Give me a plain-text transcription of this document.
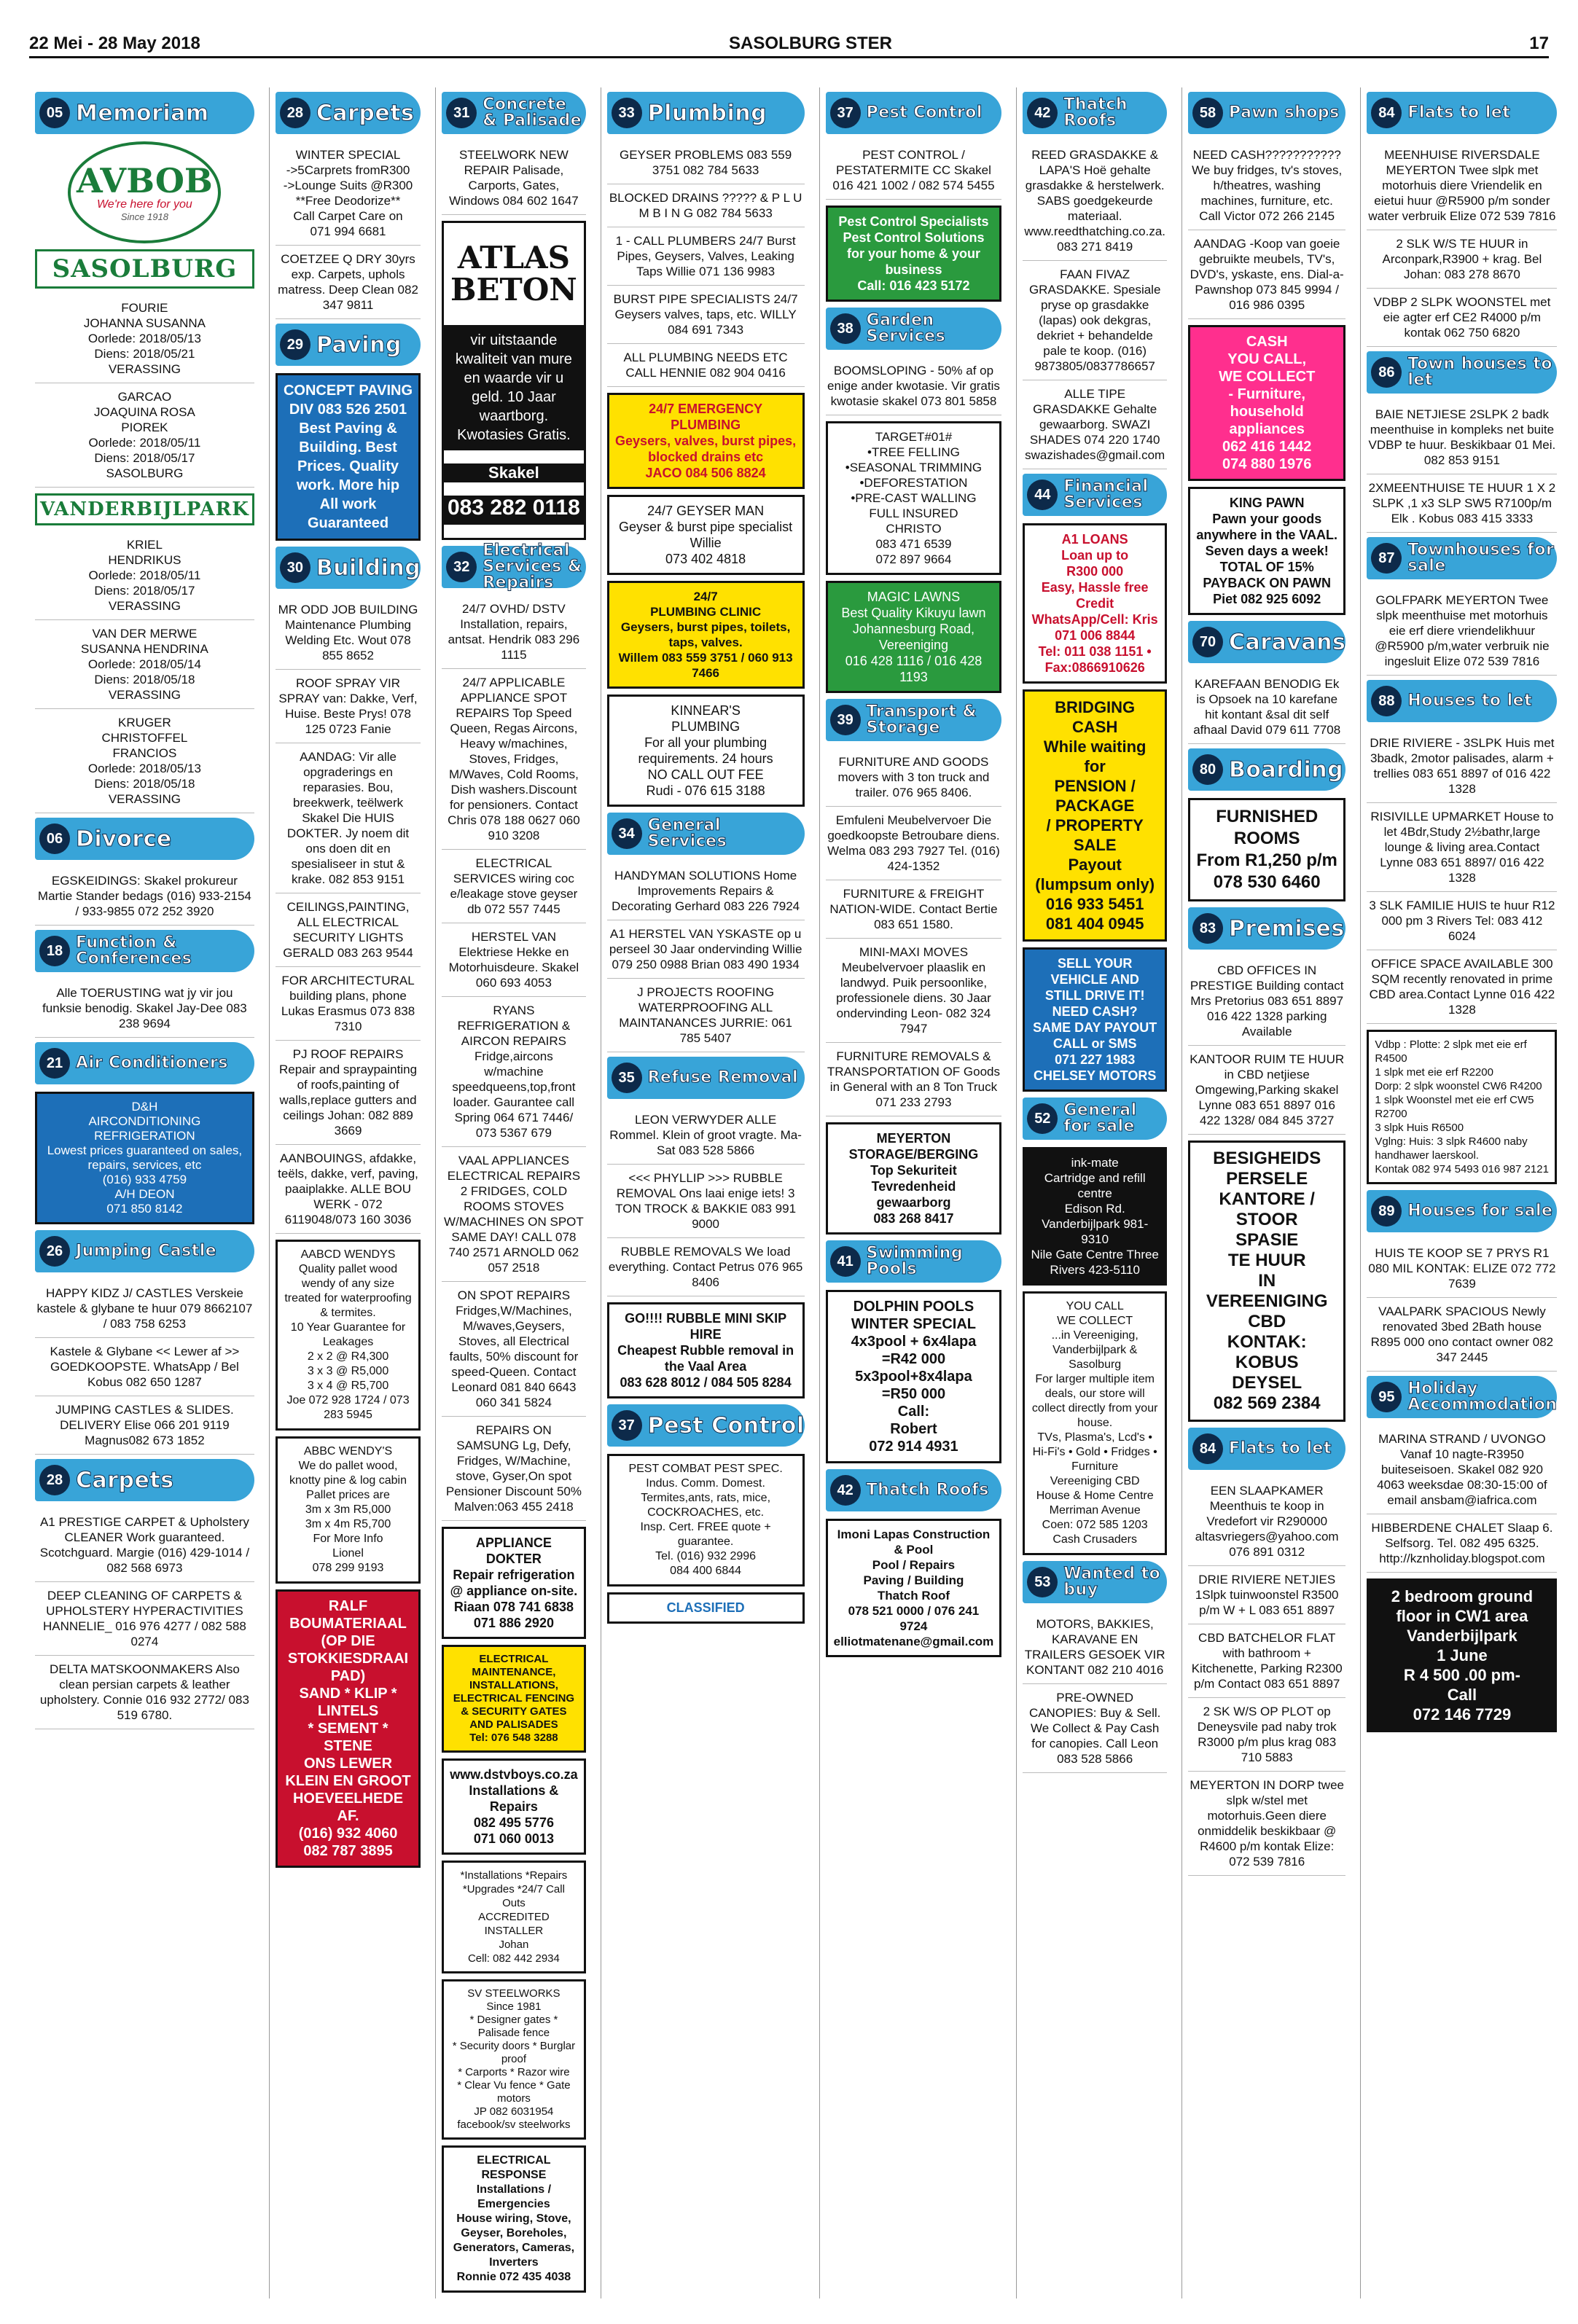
22 Mei - 28 May 2018	SASOLBURG STER	17
05 Memoriam
AVBOB
We're here for you
Since 1918
SASOLBURG
FOURIE
JOHANNA SUSANNA
Oorlede: 2018/05/13
Diens: 2018/05/21
VERASSING
GARCAO
JOAQUINA ROSA
PIOREK
Oorlede: 2018/05/11
Diens: 2018/05/17
SASOLBURG
VANDERBIJLPARK
KRIEL
HENDRIKUS
Oorlede: 2018/05/11
Diens: 2018/05/17
VERASSING
VAN DER MERWE
SUSANNA HENDRINA
Oorlede: 2018/05/14
Diens: 2018/05/18
VERASSING
KRUGER
CHRISTOFFEL
FRANCIOS
Oorlede: 2018/05/13
Diens: 2018/05/18
VERASSING
06 Divorce
EGSKEIDINGS: Skakel prokureur Martie Stander bedags (016) 933-2154 / 933-9855 072 252 3920
18 Function & Conferences
Alle TOERUSTING wat jy vir jou funksie benodig. Skakel Jay-Dee 083 238 9694
21 Air Conditioners
D&H
AIRCONDITIONING
REFRIGERATION
Lowest prices guaranteed on sales, repairs, services, etc
(016) 933 4759
A/H DEON
071 850 8142
26 Jumping Castle
HAPPY KIDZ J/ CASTLES Verskeie kastele & glybane te huur 079 8662107 / 083 758 6253
Kastele & Glybane << Lewer af >> GOEDKOOPSTE. WhatsApp / Bel Kobus 082 650 1287
JUMPING CASTLES & SLIDES. DELIVERY Elise 066 201 9119 Magnus082 673 1852
28 Carpets
A1 PRESTIGE CARPET & Upholstery CLEANER Work guaranteed. Scotchguard. Margie (016) 429-1014 / 082 568 6973
DEEP CLEANING OF CARPETS & UPHOLSTERY HYPERACTIVITIES HANNELIE_ 016 976 4277 / 082 588 0274
DELTA MATSKOONMAKERS Also clean persian carpets & leather upholstery. Connie 016 932 2772/ 083 519 6780.
28 Carpets
WINTER SPECIAL
->5Carprets fromR300
->Lounge Suits @R300
**Free Deodorize**
Call Carpet Care on
071 994 6681
COETZEE Q DRY 30yrs exp. Carpets, uphols matress. Deep Clean 082 347 9811
29 Paving
CONCEPT PAVING
DIV 083 526 2501
Best Paving & Building. Best Prices. Quality work. More hip
All work Guaranteed
30 Building
MR ODD JOB BUILDING Maintenance Plumbing Welding Etc. Wout 078 855 8652
ROOF SPRAY VIR SPRAY van: Dakke, Verf, Huise. Beste Prys! 078 125 0723 Fanie
AANDAG: Vir alle opgraderings en reparasies. Bou, breekwerk, teëlwerk Skakel Die HUIS DOKTER. Jy noem dit ons doen dit en spesialiseer in stut & krake. 082 853 9151
CEILINGS,PAINTING, ALL ELECTRICAL SECURITY LIGHTS GERALD 083 263 9544
FOR ARCHITECTURAL building plans, phone Lukas Erasmus 073 838 7310
PJ ROOF REPAIRS Repair and spraypainting of roofs,painting of walls,replace gutters and ceilings Johan: 082 889 3669
AANBOUINGS, afdakke, teëls, dakke, verf, paving, paaiplakke. ALLE BOU WERK - 072 6119048/073 160 3036
AABCD WENDYS
Quality pallet wood wendy of any size treated for waterproofing & termites.
10 Year Guarantee for Leakages
2 x 2 @ R4,300
3 x 3 @ R5,000
3 x 4 @ R5,700
Joe 072 928 1724 / 073 283 5945
ABBC WENDY'S
We do pallet wood, knotty pine & log cabin
Pallet prices are
3m x 3m R5,000
3m x 4m R5,700
For More Info
Lionel
078 299 9193
RALF
BOUMATERIAAL
(OP DIE STOKKIESDRAAI PAD)
SAND * KLIP * LINTELS
* SEMENT * STENE
ONS LEWER KLEIN EN GROOT HOEVEELHEDE AF.
(016) 932 4060
082 787 3895
31 Concrete & Palisade
STEELWORK NEW REPAIR Palisade, Carports, Gates, Windows 084 602 1647

ATLAS
BETON

vir uitstaande kwaliteit van mure en waarde vir u geld. 10 Jaar waartborg. Kwotasies Gratis.

Skakel

083 282 0118

32
Electrical Services & Repairs
24/7 OVHD/ DSTV Installation, repairs, antsat. Hendrik 083 296 1115
24/7 APPLICABLE APPLIANCE SPOT REPAIRS Top Speed Queen, Regas Aircons, Heavy w/machines, Stoves, Fridges, M/Waves, Cold Rooms, Dish washers.Discount for pensioners. Contact Chris 078 188 0627 060 910 3208
ELECTRICAL SERVICES wiring coc e/leakage stove geyser db 072 557 7445
HERSTEL VAN Elektriese Hekke en Motorhuisdeure. Skakel 060 693 4053
RYANS REFRIGERATION & AIRCON REPAIRS Fridge,aircons w/machine speedqueens,top,front loader. Gaurantee call Spring 064 671 7446/ 073 5367 679
VAAL APPLIANCES ELECTRICAL REPAIRS 2 FRIDGES, COLD ROOMS STOVES W/MACHINES ON SPOT SAME DAY! CALL 078 740 2571 ARNOLD 062 057 2518
ON SPOT REPAIRS Fridges,W/Machines, M/waves,Geysers, Stoves, all Electrical faults, 50% discount for speed-Queen. Contact Leonard 081 840 6643 060 341 5824
REPAIRS ON SAMSUNG Lg, Defy, Fridges, W/Machine, stove, Gyser,On spot Pensioner Discount 50% Malven:063 455 2418
APPLIANCE
DOKTER
Repair refrigeration @ appliance on-site.
Riaan 078 741 6838
071 886 2920
ELECTRICAL MAINTENANCE, INSTALLATIONS, ELECTRICAL FENCING & SECURITY GATES AND PALISADES
Tel: 076 548 3288
www.dstvboys.co.za
Installations & Repairs
082 495 5776
071 060 0013
*Installations *Repairs *Upgrades *24/7 Call Outs
ACCREDITED INSTALLER
Johan
Cell: 082 442 2934
SV STEELWORKS
Since 1981
* Designer gates * Palisade fence
* Security doors * Burglar proof
* Carports * Razor wire
* Clear Vu fence * Gate motors
JP 082 6031954
facebook/sv steelworks
ELECTRICAL RESPONSE
Installations / Emergencies
House wiring, Stove, Geyser, Boreholes, Generators, Cameras, Inverters
Ronnie 072 435 4038
33 Plumbing
GEYSER PROBLEMS 083 559 3751 082 784 5633
BLOCKED DRAINS ????? & P L U M B I N G 082 784 5633
1 - CALL PLUMBERS 24/7 Burst Pipes, Geysers, Valves, Leaking Taps Willie 071 136 9983
BURST PIPE SPECIALISTS 24/7 Geysers valves, taps, etc. WILLY 084 691 7343
ALL PLUMBING NEEDS ETC CALL HENNIE 082 904 0416
24/7 EMERGENCY
PLUMBING
Geysers, valves, burst pipes, blocked drains etc
JACO 084 506 8824
24/7 GEYSER MAN
Geyser & burst pipe specialist
Willie
073 402 4818
24/7
PLUMBING CLINIC
Geysers, burst pipes, toilets, taps, valves.
Willem 083 559 3751 / 060 913 7466
KINNEAR'S
PLUMBING
For all your plumbing requirements. 24 hours
NO CALL OUT FEE
Rudi - 076 615 3188
34 General Services
HANDYMAN SOLUTIONS Home Improvements Repairs & Decorating Gerhard 083 226 7924
A1 HERSTEL VAN YSKASTE op u perseel 30 Jaar ondervinding Willie 079 250 0988 Brian 083 490 1934
J PROJECTS ROOFING WATERPROOFING ALL MAINTANANCES JURRIE: 061 785 5407
35 Refuse Removal
LEON VERWYDER ALLE Rommel. Klein of groot vragte. Ma-Sat 083 528 5866
<<< PHYLLIP >>> RUBBLE REMOVAL Ons laai enige iets! 3 TON TROCK & BAKKIE 083 991 9000
RUBBLE REMOVALS We load everything. Contact Petrus 076 965 8406
GO!!!! RUBBLE MINI SKIP HIRE
Cheapest Rubble removal in the Vaal Area
083 628 8012 / 084 505 8284
37 Pest Control
PEST COMBAT PEST SPEC.
Indus. Comm. Domest.
Termites,ants, rats, mice, COCKROACHES, etc.
Insp. Cert. FREE quote + guarantee.
Tel. (016) 932 2996
084 400 6844
CLASSIFIED
37 Pest Control
PEST CONTROL / PESTATERMITE CC Skakel 016 421 1002 / 082 574 5455
Pest Control Specialists
Pest Control Solutions for your home & your business
Call: 016 423 5172
38 Garden Services
BOOMSLOPING - 50% af op enige ander kwotasie. Vir gratis kwotasie skakel 073 801 5858
TARGET#01#
•TREE FELLING
•SEASONAL TRIMMING
•DEFORESTATION
•PRE-CAST WALLING
FULL INSURED
CHRISTO
083 471 6539
072 897 9664
MAGIC LAWNS
Best Quality Kikuyu lawn Johannesburg Road, Vereeniging
016 428 1116 / 016 428 1193
39 Transport & Storage
FURNITURE AND GOODS movers with 3 ton truck and trailer. 076 965 8406.
Emfuleni Meubelvervoer Die goedkoopste Betroubare diens. Welma 083 293 7927 Tel. (016) 424-1352
FURNITURE & FREIGHT NATION-WIDE. Contact Bertie 083 651 1580.
MINI-MAXI MOVES Meubelvervoer plaaslik en landwyd. Puik persoonlike, professionele diens. 30 Jaar ondervinding Leon- 082 324 7947
FURNITURE REMOVALS & TRANSPORTATION OF Goods in General with an 8 Ton Truck 071 233 2793
MEYERTON
STORAGE/BERGING
Top Sekuriteit
Tevredenheid gewaarborg
083 268 8417
41 Swimming Pools
DOLPHIN POOLS
WINTER SPECIAL
4x3pool + 6x4lapa
=R42 000
5x3pool+8x4lapa
=R50 000
Call:
Robert
072 914 4931
42 Thatch Roofs
Imoni Lapas Construction & Pool
Pool / Repairs
Paving / Building
Thatch Roof
078 521 0000 / 076 241 9724
elliotmatenane@gmail.com
42 Thatch Roofs
REED GRASDAKKE & LAPA'S Hoë gehalte grasdakke & herstelwerk. SABS goedgekeurde materiaal. www.reedthatching.co.za. 083 271 8419
FAAN FIVAZ GRASDAKKE. Spesiale pryse op grasdakke (lapas) ook dekgras, dekriet + behandelde pale te koop. (016) 9873805/0837786657
ALLE TIPE GRASDAKKE Gehalte gewaarborg. SWAZI SHADES 074 220 1740 swazishades@gmail.com
44 Financial Services
A1 LOANS
Loan up to
R300 000
Easy, Hassle free Credit
WhatsApp/Cell: Kris 071 006 8844
Tel: 011 038 1151 • Fax:0866910626
BRIDGING
CASH
While waiting for
PENSION / PACKAGE
/ PROPERTY SALE
Payout
(lumpsum only)
016 933 5451
081 404 0945
SELL YOUR VEHICLE AND STILL DRIVE IT!
NEED CASH?
SAME DAY PAYOUT
CALL or SMS
071 227 1983
CHELSEY MOTORS
52 General for sale
ink-mate
Cartridge and refill centre
Edison Rd. Vanderbijlpark 981-9310
Nile Gate Centre Three Rivers 423-5110
YOU CALL
WE COLLECT
...in Vereeniging, Vanderbijlpark & Sasolburg
For larger multiple item deals, our store will collect directly from your house.
TVs, Plasma's, Lcd's • Hi-Fi's • Gold • Fridges • Furniture
Vereeniging CBD
House & Home Centre
Merriman Avenue
Coen: 072 585 1203
Cash Crusaders
53 Wanted to buy
MOTORS, BAKKIES, KARAVANE EN TRAILERS GESOEK VIR KONTANT 082 210 4016
PRE-OWNED CANOPIES: Buy & Sell. We Collect & Pay Cash for canopies. Call Leon 083 528 5866
58 Pawn shops
NEED CASH??????????? We buy fridges, tv's stoves, h/theatres, washing machines, furniture, etc. Call Victor 072 266 2145
AANDAG -Koop van goeie gebruikte meubels, TV's, DVD's, yskaste, ens. Dial-a-Pawnshop 073 845 9994 / 016 986 0395
CASH
YOU CALL,
WE COLLECT
- Furniture,
household
appliances
062 416 1442
074 880 1976
KING PAWN
Pawn your goods anywhere in the VAAL.
Seven days a week!
TOTAL OF 15%
PAYBACK ON PAWN
Piet 082 925 6092
70 Caravans
KAREFAAN BENODIG Ek is Opsoek na 10 karefane hit kontant &sal dit self afhaal David 079 611 7708
80 Boarding
FURNISHED
ROOMS
From R1,250 p/m
078 530 6460
83 Premises
CBD OFFICES IN PRESTIGE Building contact Mrs Pretorius 083 651 8897 016 422 1328 parking Available
KANTOOR RUIM TE HUUR in CBD netjiese Omgewing,Parking skakel Lynne 083 651 8897 016 422 1328/ 084 845 3727
BESIGHEIDS
PERSELE
KANTORE / STOOR
SPASIE
TE HUUR
IN VEREENIGING
CBD
KONTAK:
KOBUS
DEYSEL
082 569 2384
84 Flats to let
EEN SLAAPKAMER Meenthuis te koop in Vredefort vir R290000 altasvriegers@yahoo.com 076 891 0312
DRIE RIVIERE NETJIES 1Slpk tuinwoonstel R3500 p/m W + L 083 651 8897
CBD BATCHELOR FLAT with bathroom + Kitchenette, Parking R2300 p/m Contact 083 651 8897
2 SK W/S OP PLOT op Deneysvile pad naby trok R3000 p/m plus krag 083 710 5883
MEYERTON IN DORP twee slpk w/stel met motorhuis.Geen diere onmiddelik beskikbaar @ R4600 p/m kontak Elize: 072 539 7816
84 Flats to let
MEENHUISE RIVERSDALE MEYERTON Twee slpk met motorhuis diere Vriendelik en eietui huur @R5900 p/m sonder water verbruik Elize 072 539 7816
2 SLK W/S TE HUUR in Arconpark,R3900 + krag. Bel Johan: 083 278 8670
VDBP 2 SLPK WOONSTEL met eie agter erf CE2 R4000 p/m kontak 062 750 6820
86 Town houses to let
BAIE NETJIESE 2SLPK 2 badk meenthuise in kompleks net buite VDBP te huur. Beskikbaar 01 Mei. 082 853 9151
2XMEENTHUISE TE HUUR 1 X 2 SLPK ,1 x3 SLP SW5 R7100p/m Elk . Kobus 083 415 3333
87 Townhouses for sale
GOLFPARK MEYERTON Twee slpk meenthuise met motorhuis eie erf diere vriendelikhuur @R5900 p/m,water verbruik nie ingesluit Elize 072 539 7816
88 Houses to let
DRIE RIVIERE - 3SLPK Huis met 3badk, 2motor palisades, alarm + trellies 083 651 8897 of 016 422 1328
RISIVILLE UPMARKET House to let 4Bdr,Study 2½bathr,large lounge & living area.Contact Lynne 083 651 8897/ 016 422 1328
3 SLK FAMILIE HUIS te huur R12 000 pm 3 Rivers Tel: 083 412 6024
OFFICE SPACE AVAILABLE 300 SQM recently renovated in prime CBD area.Contact Lynne 016 422 1328
Vdbp : Plotte: 2 slpk met eie erf R4500
1 slpk met eie erf R2200
Dorp: 2 slpk woonstel CW6 R4200
1 slpk Woonstel met eie erf CW5 R2700
3 slpk Huis R6500
Vglng: Huis: 3 slpk R4600 naby handhawer laerskool.
Kontak 082 974 5493 016 987 2121
89 Houses for sale
HUIS TE KOOP SE 7 PRYS R1 080 MIL KONTAK: ELIZE 072 772 7639
VAALPARK SPACIOUS Newly renovated 3bed 2Bath house R895 000 ono contact owner 082 347 2445
95 Holiday Accommodation
MARINA STRAND / UVONGO Vanaf 10 nagte-R3950 buiteseisoen. Skakel 082 920 4063 weeksdae 08:30-15:00 of email ansbam@iafrica.com
HIBBERDENE CHALET Slaap 6. Selfsorg. Tel. 082 495 6325. http://kznholiday.blogspot.com
2 bedroom ground floor in CW1 area
Vanderbijlpark
1 June
R 4 500 .00 pm-
Call
072 146 7729
